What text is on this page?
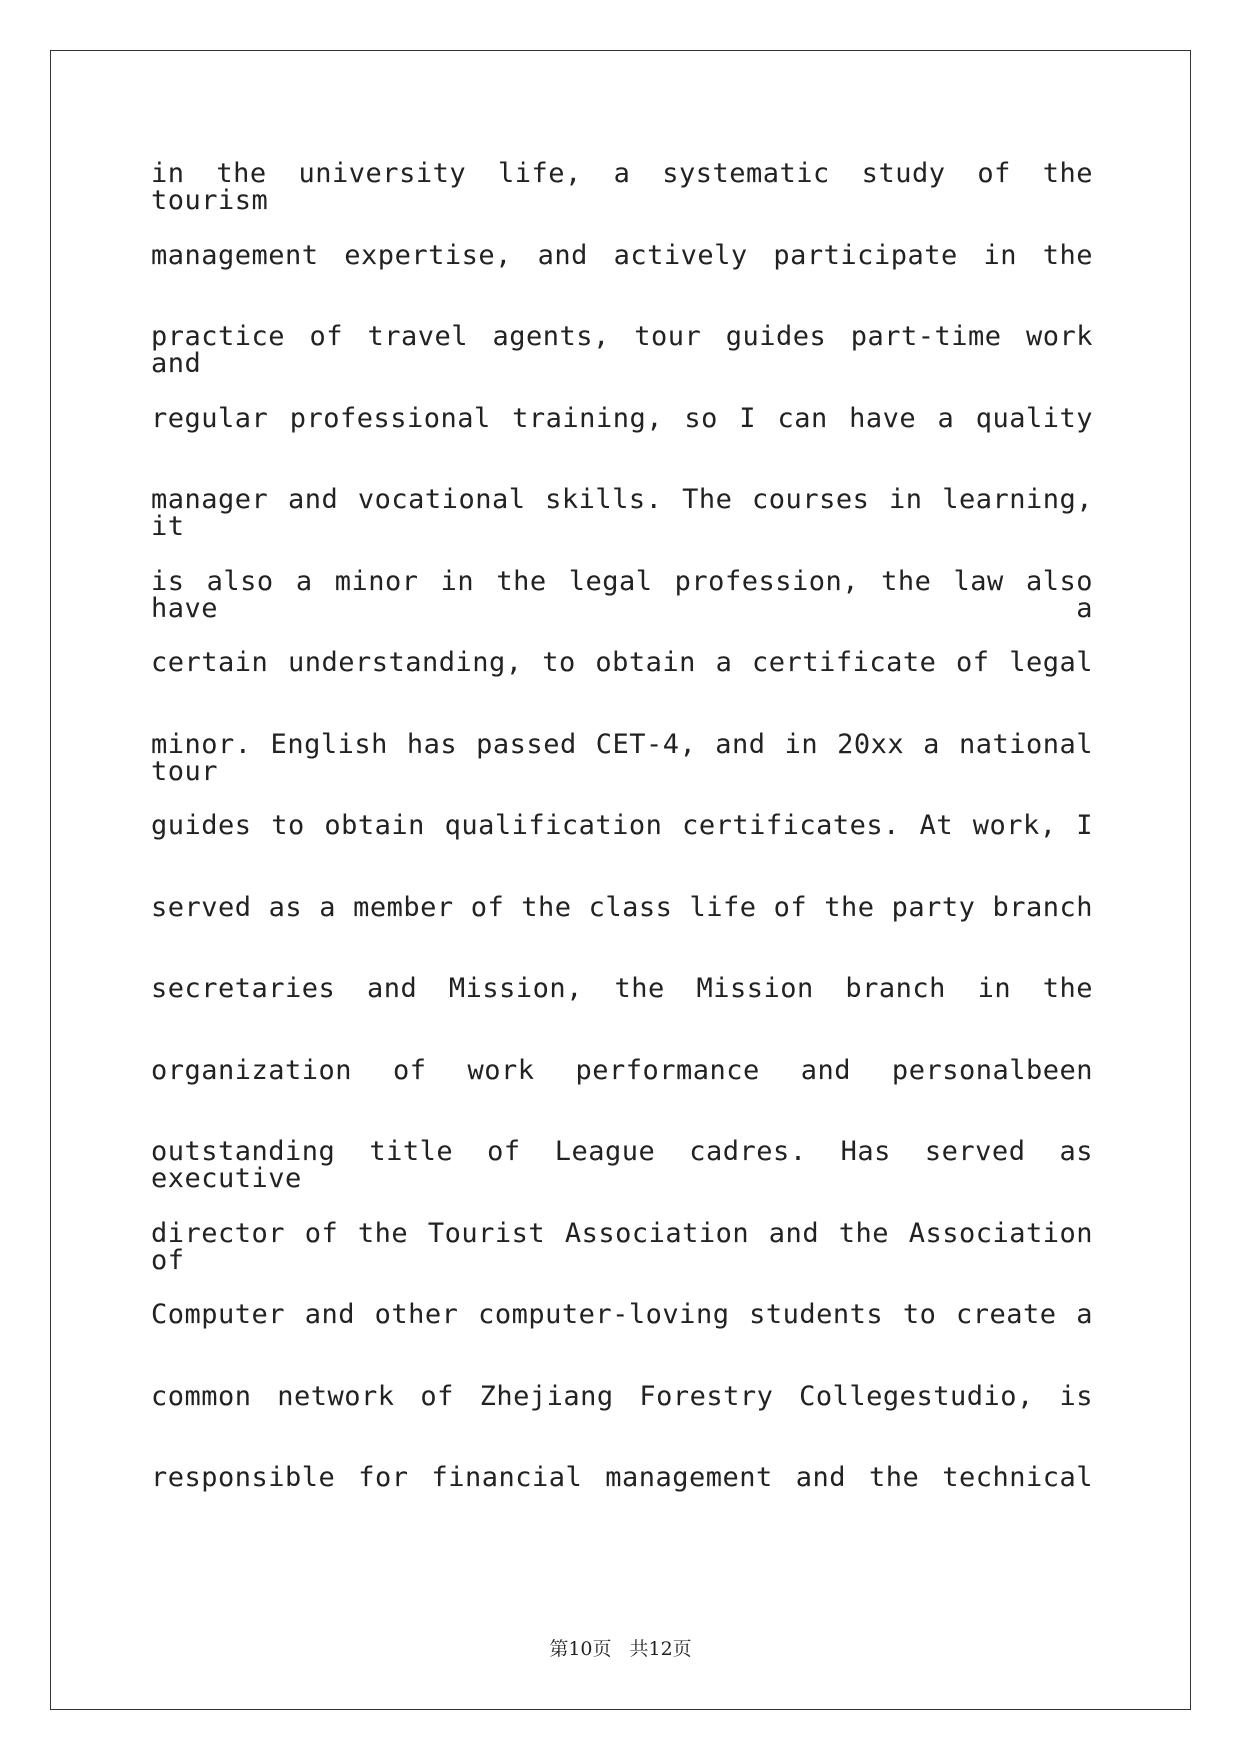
in the university life, a systematic study of the tourism
management expertise, and actively participate in the
practice of travel agents, tour guides part-time work and
regular professional training, so I can have a quality
manager and vocational skills. The courses in learning, it
is also a minor in the legal profession, the law also have a
certain understanding, to obtain a certificate of legal
minor. English has passed CET-4, and in 20xx a national tour
guides to obtain qualification certificates. At work, I
served as a member of the class life of the party branch
secretaries and Mission, the Mission branch in the
organization of work performance and personalbeen
outstanding title of League cadres. Has served as executive
director of the Tourist Association and the Association of
Computer and other computer-loving students to create a
common network of Zhejiang Forestry Collegestudio, is
responsible for financial management and the technical
第10页 共12页
